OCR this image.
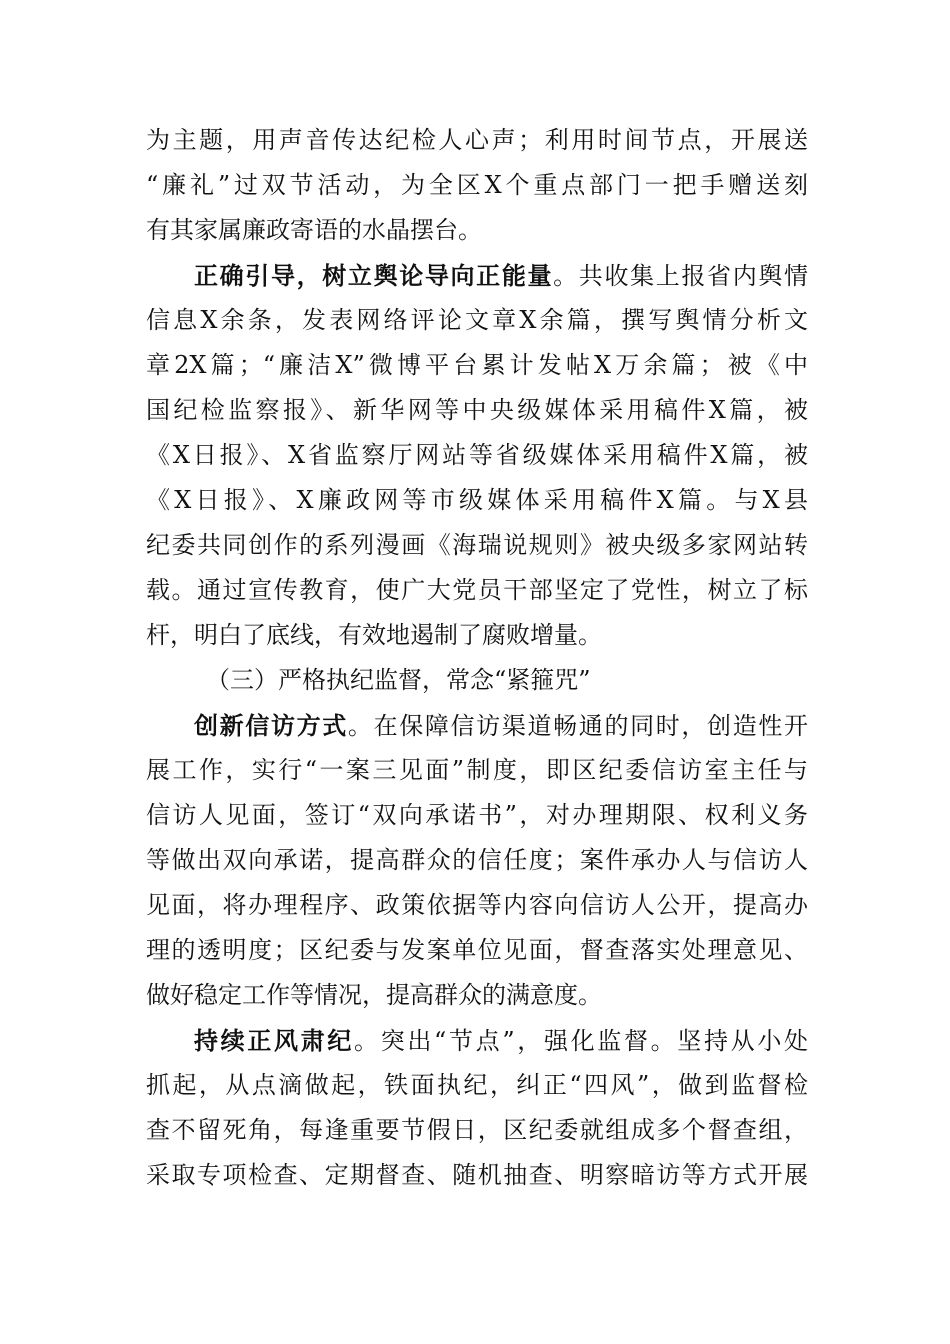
为主题，用声音传达纪检人心声；利用时间节点，开展送
“廉礼”过双节活动，为全区X个重点部门一把手赠送刻
有其家属廉政寄语的水晶摆台。
正确引导，树立舆论导向正能量。共收集上报省内舆情
信息X余条，发表网络评论文章X余篇，撰写舆情分析文
章2X篇；“廉洁X”微博平台累计发帖X万余篇；被《中
国纪检监察报》、新华网等中央级媒体采用稿件X篇，被
《X日报》、X省监察厅网站等省级媒体采用稿件X篇，被
《X日报》、X廉政网等市级媒体采用稿件X篇。与X县
纪委共同创作的系列漫画《海瑞说规则》被央级多家网站转
载。通过宣传教育，使广大党员干部坚定了党性，树立了标
杆，明白了底线，有效地遏制了腐败增量。
（三）严格执纪监督，常念“紧箍咒”
创新信访方式。在保障信访渠道畅通的同时，创造性开
展工作，实行“一案三见面”制度，即区纪委信访室主任与
信访人见面，签订“双向承诺书”，对办理期限、权利义务
等做出双向承诺，提高群众的信任度；案件承办人与信访人
见面，将办理程序、政策依据等内容向信访人公开，提高办
理的透明度；区纪委与发案单位见面，督查落实处理意见、
做好稳定工作等情况，提高群众的满意度。
持续正风肃纪。突出“节点”，强化监督。坚持从小处
抓起，从点滴做起，铁面执纪，纠正“四风”，做到监督检
查不留死角，每逢重要节假日，区纪委就组成多个督查组，
采取专项检查、定期督查、随机抽查、明察暗访等方式开展
